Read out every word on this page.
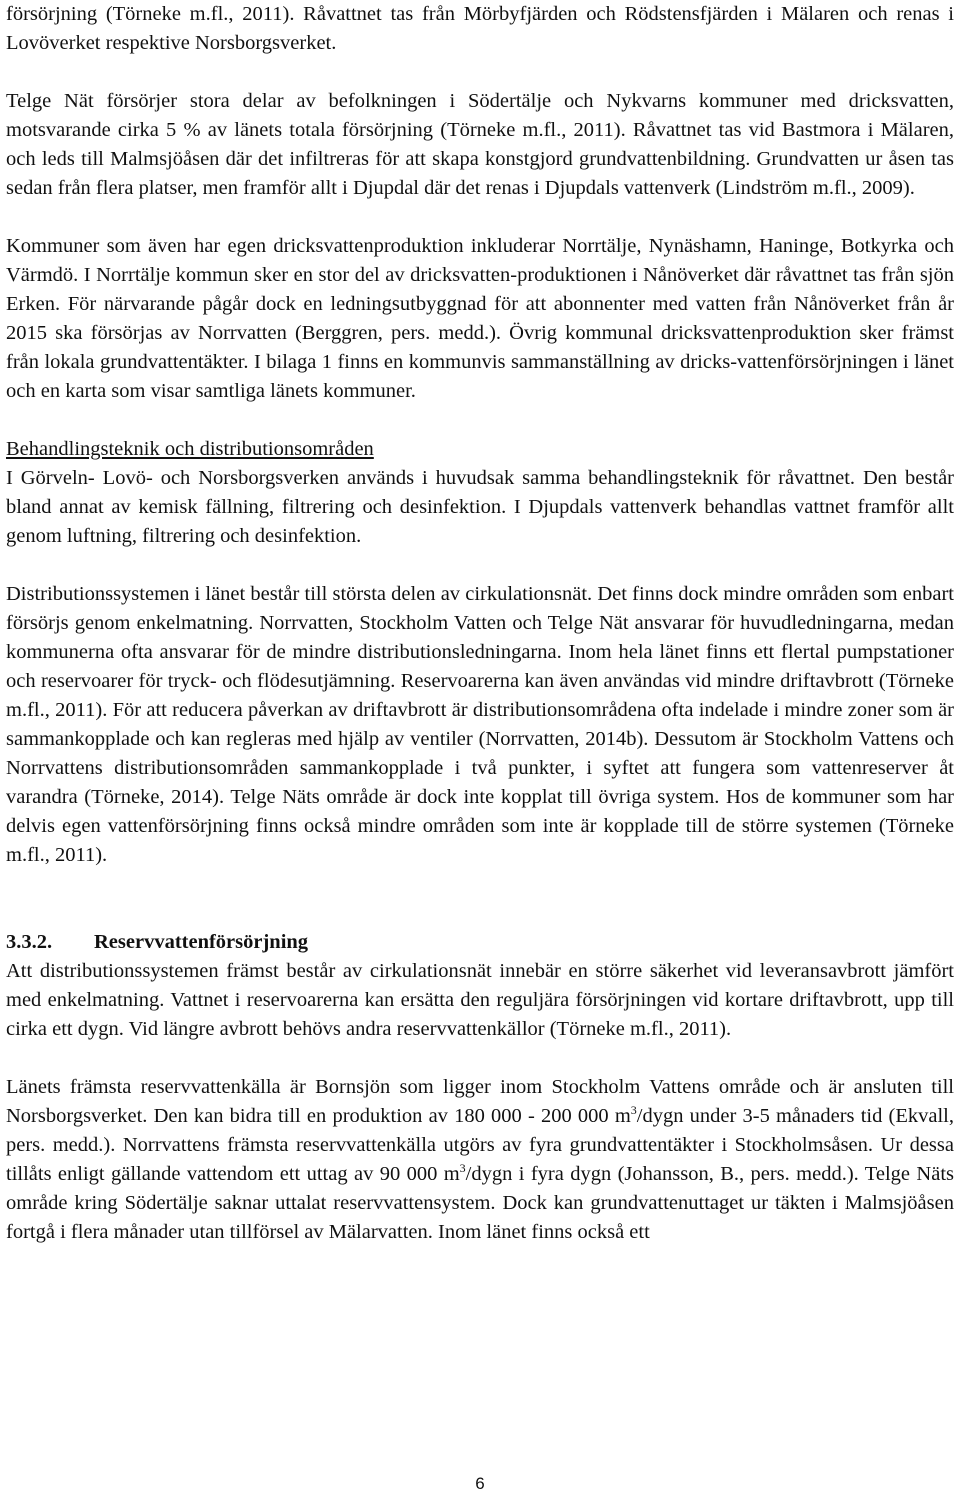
försörjning (Törneke m.fl., 2011). Råvattnet tas från Mörbyfjärden och Rödstensfjärden i Mälaren och renas i Lovöverket respektive Norsborgsverket.

Telge Nät försörjer stora delar av befolkningen i Södertälje och Nykvarns kommuner med dricksvatten, motsvarande cirka 5 % av länets totala försörjning (Törneke m.fl., 2011). Råvattnet tas vid Bastmora i Mälaren, och leds till Malmsjöåsen där det infiltreras för att skapa konstgjord grundvattenbildning. Grundvatten ur åsen tas sedan från flera platser, men framför allt i Djupdal där det renas i Djupdals vattenverk (Lindström m.fl., 2009).

Kommuner som även har egen dricksvattenproduktion inkluderar Norrtälje, Nynäshamn, Haninge, Botkyrka och Värmdö. I Norrtälje kommun sker en stor del av dricksvatten-produktionen i Nånöverket där råvattnet tas från sjön Erken. För närvarande pågår dock en ledningsutbyggnad för att abonnenter med vatten från Nånöverket från år 2015 ska försörjas av Norrvatten (Berggren, pers. medd.). Övrig kommunal dricksvattenproduktion sker främst från lokala grundvattentäkter. I bilaga 1 finns en kommunvis sammanställning av dricks-vattenförsörjningen i länet och en karta som visar samtliga länets kommuner.

Behandlingsteknik och distributionsområden

I Görveln- Lovö- och Norsborgsverken används i huvudsak samma behandlingsteknik för råvattnet. Den består bland annat av kemisk fällning, filtrering och desinfektion. I Djupdals vattenverk behandlas vattnet framför allt genom luftning, filtrering och desinfektion.

Distributionssystemen i länet består till största delen av cirkulationsnät. Det finns dock mindre områden som enbart försörjs genom enkelmatning. Norrvatten, Stockholm Vatten och Telge Nät ansvarar för huvudledningarna, medan kommunerna ofta ansvarar för de mindre distributionsledningarna. Inom hela länet finns ett flertal pumpstationer och reservoarer för tryck- och flödesutjämning. Reservoarerna kan även användas vid mindre driftavbrott (Törneke m.fl., 2011). För att reducera påverkan av driftavbrott är distributionsområdena ofta indelade i mindre zoner som är sammankopplade och kan regleras med hjälp av ventiler (Norrvatten, 2014b). Dessutom är Stockholm Vattens och Norrvattens distributionsområden sammankopplade i två punkter, i syftet att fungera som vattenreserver åt varandra (Törneke, 2014). Telge Näts område är dock inte kopplat till övriga system. Hos de kommuner som har delvis egen vattenförsörjning finns också mindre områden som inte är kopplade till de större systemen (Törneke m.fl., 2011).

3.3.2.	Reservvattenförsörjning

Att distributionssystemen främst består av cirkulationsnät innebär en större säkerhet vid leveransavbrott jämfört med enkelmatning. Vattnet i reservoarerna kan ersätta den reguljära försörjningen vid kortare driftavbrott, upp till cirka ett dygn. Vid längre avbrott behövs andra reservvattenkällor (Törneke m.fl., 2011).

Länets främsta reservvattenkälla är Bornsjön som ligger inom Stockholm Vattens område och är ansluten till Norsborgsverket. Den kan bidra till en produktion av 180 000 - 200 000 $m^3$/dygn under 3-5 månaders tid (Ekvall, pers. medd.). Norrvattens främsta reservvattenkälla utgörs av fyra grundvattentäkter i Stockholmsåsen. Ur dessa tillåts enligt gällande vattendom ett uttag av 90 000 $m^3$/dygn i fyra dygn (Johansson, B., pers. medd.). Telge Näts område kring Södertälje saknar uttalat reservvattensystem. Dock kan grundvattenuttaget ur täkten i Malmsjöåsen fortgå i flera månader utan tillförsel av Mälarvatten. Inom länet finns också ett

6
